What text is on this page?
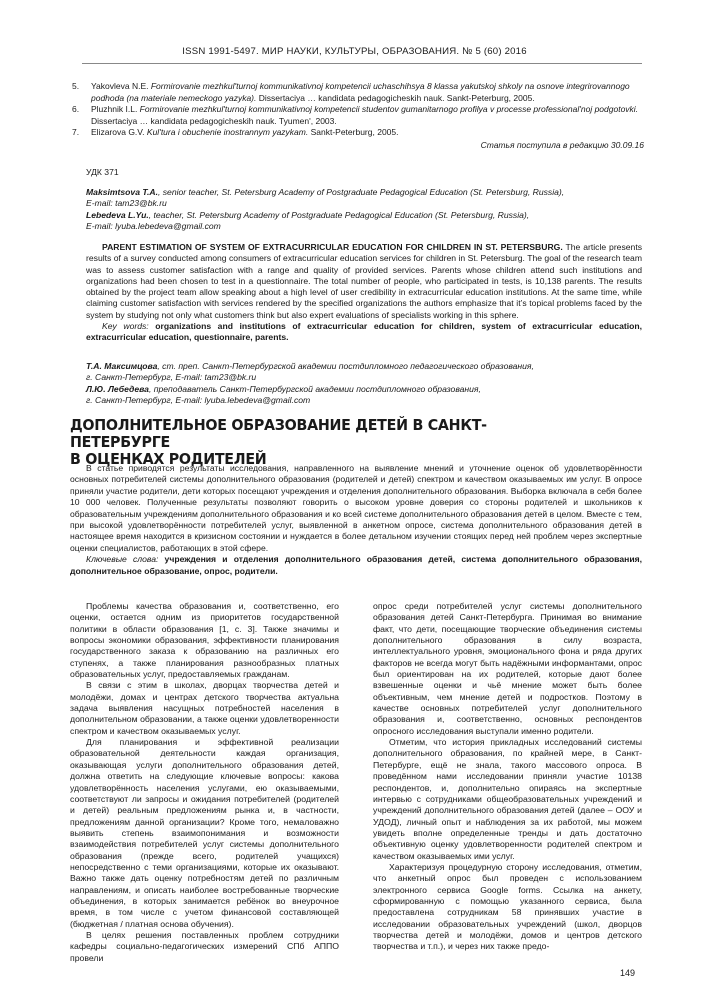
ISSN 1991-5497. МИР НАУКИ, КУЛЬТУРЫ, ОБРАЗОВАНИЯ. № 5 (60) 2016
5.	Yakovleva N.E. Formirovanie mezhkul'turnoj kommunikativnoj kompetencii uchaschihsya 8 klassa yakutskoj shkoly na osnove integrirovannogo podhoda (na materiale nemeckogo yazyka). Dissertaciya … kandidata pedagogicheskih nauk. Sankt-Peterburg, 2005.
6.	Pluzhnik I.L. Formirovanie mezhkul'turnoj kommunikativnoj kompetencii studentov gumanitarnogo profilya v processe professional'noj podgotovki. Dissertaciya … kandidata pedagogicheskih nauk. Tyumen', 2003.
7.	Elizarova G.V. Kul'tura i obuchenie inostrannym yazykam. Sankt-Peterburg, 2005.
Статья поступила в редакцию 30.09.16
УДК 371
Maksimtsova T.A., senior teacher, St. Petersburg Academy of Postgraduate Pedagogical Education (St. Petersburg, Russia),
E-mail: tam23@bk.ru
Lebedeva L.Yu., teacher, St. Petersburg Academy of Postgraduate Pedagogical Education (St. Petersburg, Russia),
E-mail: lyuba.lebedeva@gmail.com
PARENT ESTIMATION OF SYSTEM OF EXTRACURRICULAR EDUCATION FOR CHILDREN IN ST. PETERSBURG. The article presents results of a survey conducted among consumers of extracurricular education services for children in St. Petersburg. The goal of the research team was to assess customer satisfaction with a range and quality of provided services. Parents whose children attend such institutions and organizations had been chosen to test in a questionnaire. The total number of people, who participated in tests, is 10,138 parents. The results obtained by the project team allow speaking about a high level of user credibility in extracurricular education institutions. At the same time, while claiming customer satisfaction with services rendered by the specified organizations the authors emphasize that it’s topical problems faced by the system by studying not only what customers think but also expert evaluations of specialists working in this sphere.
Key words: organizations and institutions of extracurricular education for children, system of extracurricular education, extracurricular education, questionnaire, parents.
Т.А. Максимцова, ст. преп. Санкт-Петербургской академии постдипломного педагогического образования,
г. Санкт-Петербург, E-mail: tam23@bk.ru
Л.Ю. Лебедева, преподаватель Санкт-Петербургской академии постдипломного образования,
г. Санкт-Петербург, E-mail: lyuba.lebedeva@gmail.com
ДОПОЛНИТЕЛЬНОЕ ОБРАЗОВАНИЕ ДЕТЕЙ В САНКТ-ПЕТЕРБУРГЕ
В ОЦЕНКАХ РОДИТЕЛЕЙ
В статье приводятся результаты исследования, направленного на выявление мнений и уточнение оценок об удовлетворённости основных потребителей системы дополнительного образования (родителей и детей) спектром и качеством оказываемых им услуг. В опросе приняли участие родители, дети которых посещают учреждения и отделения дополнительного образования. Выборка включала в себя более 10 000 человек. Полученные результаты позволяют говорить о высоком уровне доверия со стороны родителей и школьников к образовательным учреждениям дополнительного образования и ко всей системе дополнительного образования детей в целом. Вместе с тем, при высокой удовлетворённости потребителей услуг, выявленной в анкетном опросе, система дополнительного образования детей в настоящее время находится в кризисном состоянии и нуждается в более детальном изучении стоящих перед ней проблем через экспертные оценки специалистов, работающих в этой сфере.
Ключевые слова: учреждения и отделения дополнительного образования детей, система дополнительного образования, дополнительное образование, опрос, родители.

Проблемы качества образования и, соответственно, его оценки, остается одним из приоритетов государственной политики в области образования [1, с. 3]. Также значимы и вопросы экономики образования, эффективности планирования государственного заказа к образованию на различных его ступенях, а также планирования разнообразных платных образовательных услуг, предоставляемых гражданам.

В связи с этим в школах, дворцах творчества детей и молодёжи, домах и центрах детского творчества актуальна задача выявления насущных потребностей населения в дополнительном образовании, а также оценки удовлетворенности спектром и качеством оказываемых услуг.

Для планирования и эффективной реализации образовательной деятельности каждая организация, оказывающая услуги дополнительного образования детей, должна ответить на следующие ключевые вопросы: какова удовлетворённость населения услугами, ею оказываемыми, соответствуют ли запросы и ожидания потребителей (родителей и детей) реальным предложениям рынка и, в частности, предложениям данной организации? Кроме того, немаловажно выявить степень взаимопонимания и возможности взаимодействия потребителей услуг системы дополнительного образования (прежде всего, родителей учащихся) непосредственно с теми организациями, которые их оказывают. Важно также дать оценку потребностям детей по различным направлениям, и описать наиболее востребованные творческие объединения, в которых занимается ребёнок во внеурочное время, в том числе с учетом финансовой составляющей (бюджетная / платная основа обучения).

В целях решения поставленных проблем сотрудники кафедры социально-педагогических измерений СПб АППО провели

опрос среди потребителей услуг системы дополнительного образования детей Санкт-Петербурга. Принимая во внимание факт, что дети, посещающие творческие объединения системы дополнительного образования в силу возраста, интеллектуального уровня, эмоционального фона и ряда других факторов не всегда могут быть надёжными информантами, опрос был ориентирован на их родителей, которые дают более взвешенные оценки и чьё мнение может быть более объективным, чем мнение детей и подростков. Поэтому в качестве основных потребителей услуг дополнительного образования и, соответственно, основных респондентов опросного исследования выступали именно родители.

Отметим, что история прикладных исследований системы дополнительного образования, по крайней мере, в Санкт-Петербурге, ещё не знала, такого массового опроса. В проведённом нами исследовании приняли участие 10138 респондентов, и, дополнительно опираясь на экспертные интервью с сотрудниками общеобразовательных учреждений и учреждений дополнительного образования детей (далее – ООУ и УДОД), личный опыт и наблюдения за их работой, мы можем увидеть вполне определенные тренды и дать достаточно объективную оценку удовлетворенности родителей спектром и качеством оказываемых ими услуг.

Характеризуя процедурную сторону исследования, отметим, что анкетный опрос был проведен с использованием электронного сервиса Google forms. Ссылка на анкету, сформированную с помощью указанного сервиса, была предоставлена сотрудникам 58 принявших участие в исследовании образовательных учреждений (школ, дворцов творчества детей и молодёжи, домов и центров детского творчества и т.п.), и через них также предо-

149
